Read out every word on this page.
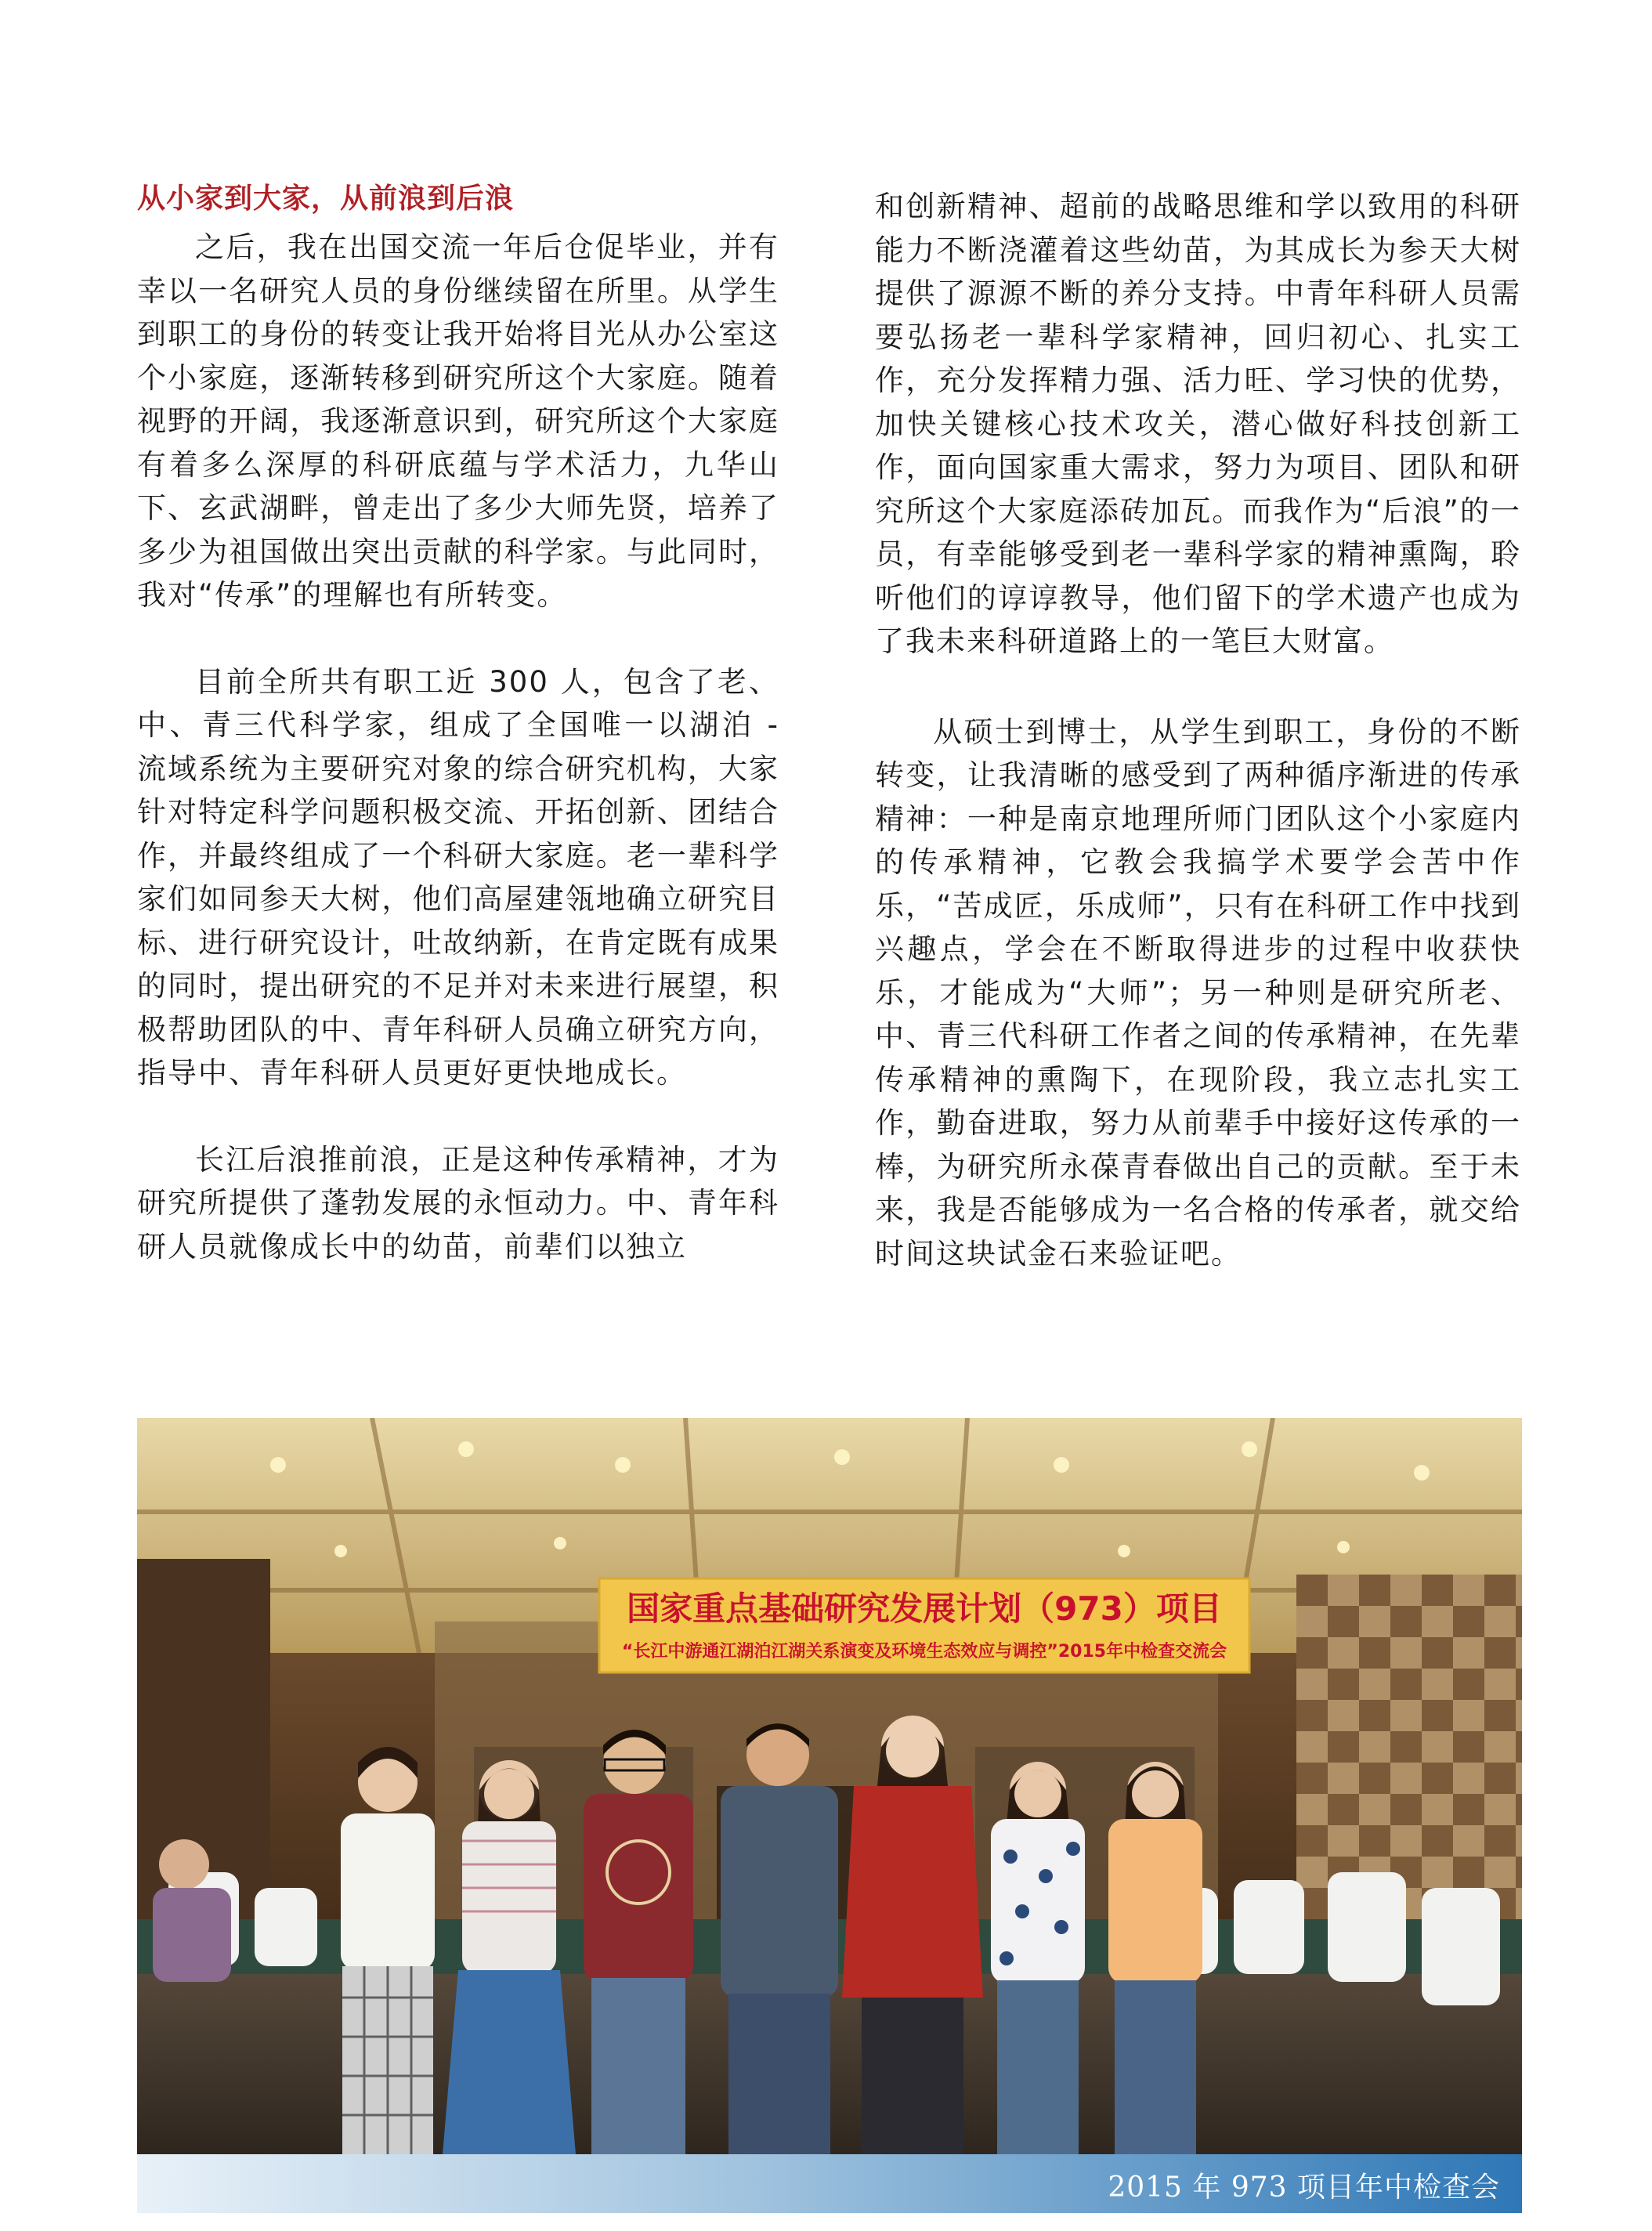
从小家到大家，从前浪到后浪

之后，我在出国交流一年后仓促毕业，并有幸以一名研究人员的身份继续留在所里。从学生到职工的身份的转变让我开始将目光从办公室这个小家庭，逐渐转移到研究所这个大家庭。随着视野的开阔，我逐渐意识到，研究所这个大家庭有着多么深厚的科研底蕴与学术活力，九华山下、玄武湖畔，曾走出了多少大师先贤，培养了多少为祖国做出突出贡献的科学家。与此同时，我对“传承”的理解也有所转变。

目前全所共有职工近 300 人，包含了老、中、青三代科学家，组成了全国唯一以湖泊 - 流域系统为主要研究对象的综合研究机构，大家针对特定科学问题积极交流、开拓创新、团结合作，并最终组成了一个科研大家庭。老一辈科学家们如同参天大树，他们高屋建瓴地确立研究目标、进行研究设计，吐故纳新，在肯定既有成果的同时，提出研究的不足并对未来进行展望，积极帮助团队的中、青年科研人员确立研究方向，指导中、青年科研人员更好更快地成长。

长江后浪推前浪，正是这种传承精神，才为研究所提供了蓬勃发展的永恒动力。中、青年科研人员就像成长中的幼苗，前辈们以独立

和创新精神、超前的战略思维和学以致用的科研能力不断浇灌着这些幼苗，为其成长为参天大树提供了源源不断的养分支持。中青年科研人员需要弘扬老一辈科学家精神，回归初心、扎实工作，充分发挥精力强、活力旺、学习快的优势，加快关键核心技术攻关，潜心做好科技创新工作，面向国家重大需求，努力为项目、团队和研究所这个大家庭添砖加瓦。而我作为“后浪”的一员，有幸能够受到老一辈科学家的精神熏陶，聆听他们的谆谆教导，他们留下的学术遗产也成为了我未来科研道路上的一笔巨大财富。

从硕士到博士，从学生到职工，身份的不断转变，让我清晰的感受到了两种循序渐进的传承精神：一种是南京地理所师门团队这个小家庭内的传承精神，它教会我搞学术要学会苦中作乐，“苦成匠，乐成师”，只有在科研工作中找到兴趣点，学会在不断取得进步的过程中收获快乐，才能成为“大师”；另一种则是研究所老、中、青三代科研工作者之间的传承精神，在先辈传承精神的熏陶下，在现阶段，我立志扎实工作，勤奋进取，努力从前辈手中接好这传承的一棒，为研究所永葆青春做出自己的贡献。至于未来，我是否能够成为一名合格的传承者，就交给时间这块试金石来验证吧。

国家重点基础研究发展计划（973）项目
“长江中游通江湖泊江湖关系演变及环境生态效应与调控”2015年中检查交流会
2015 年 973 项目年中检查会
